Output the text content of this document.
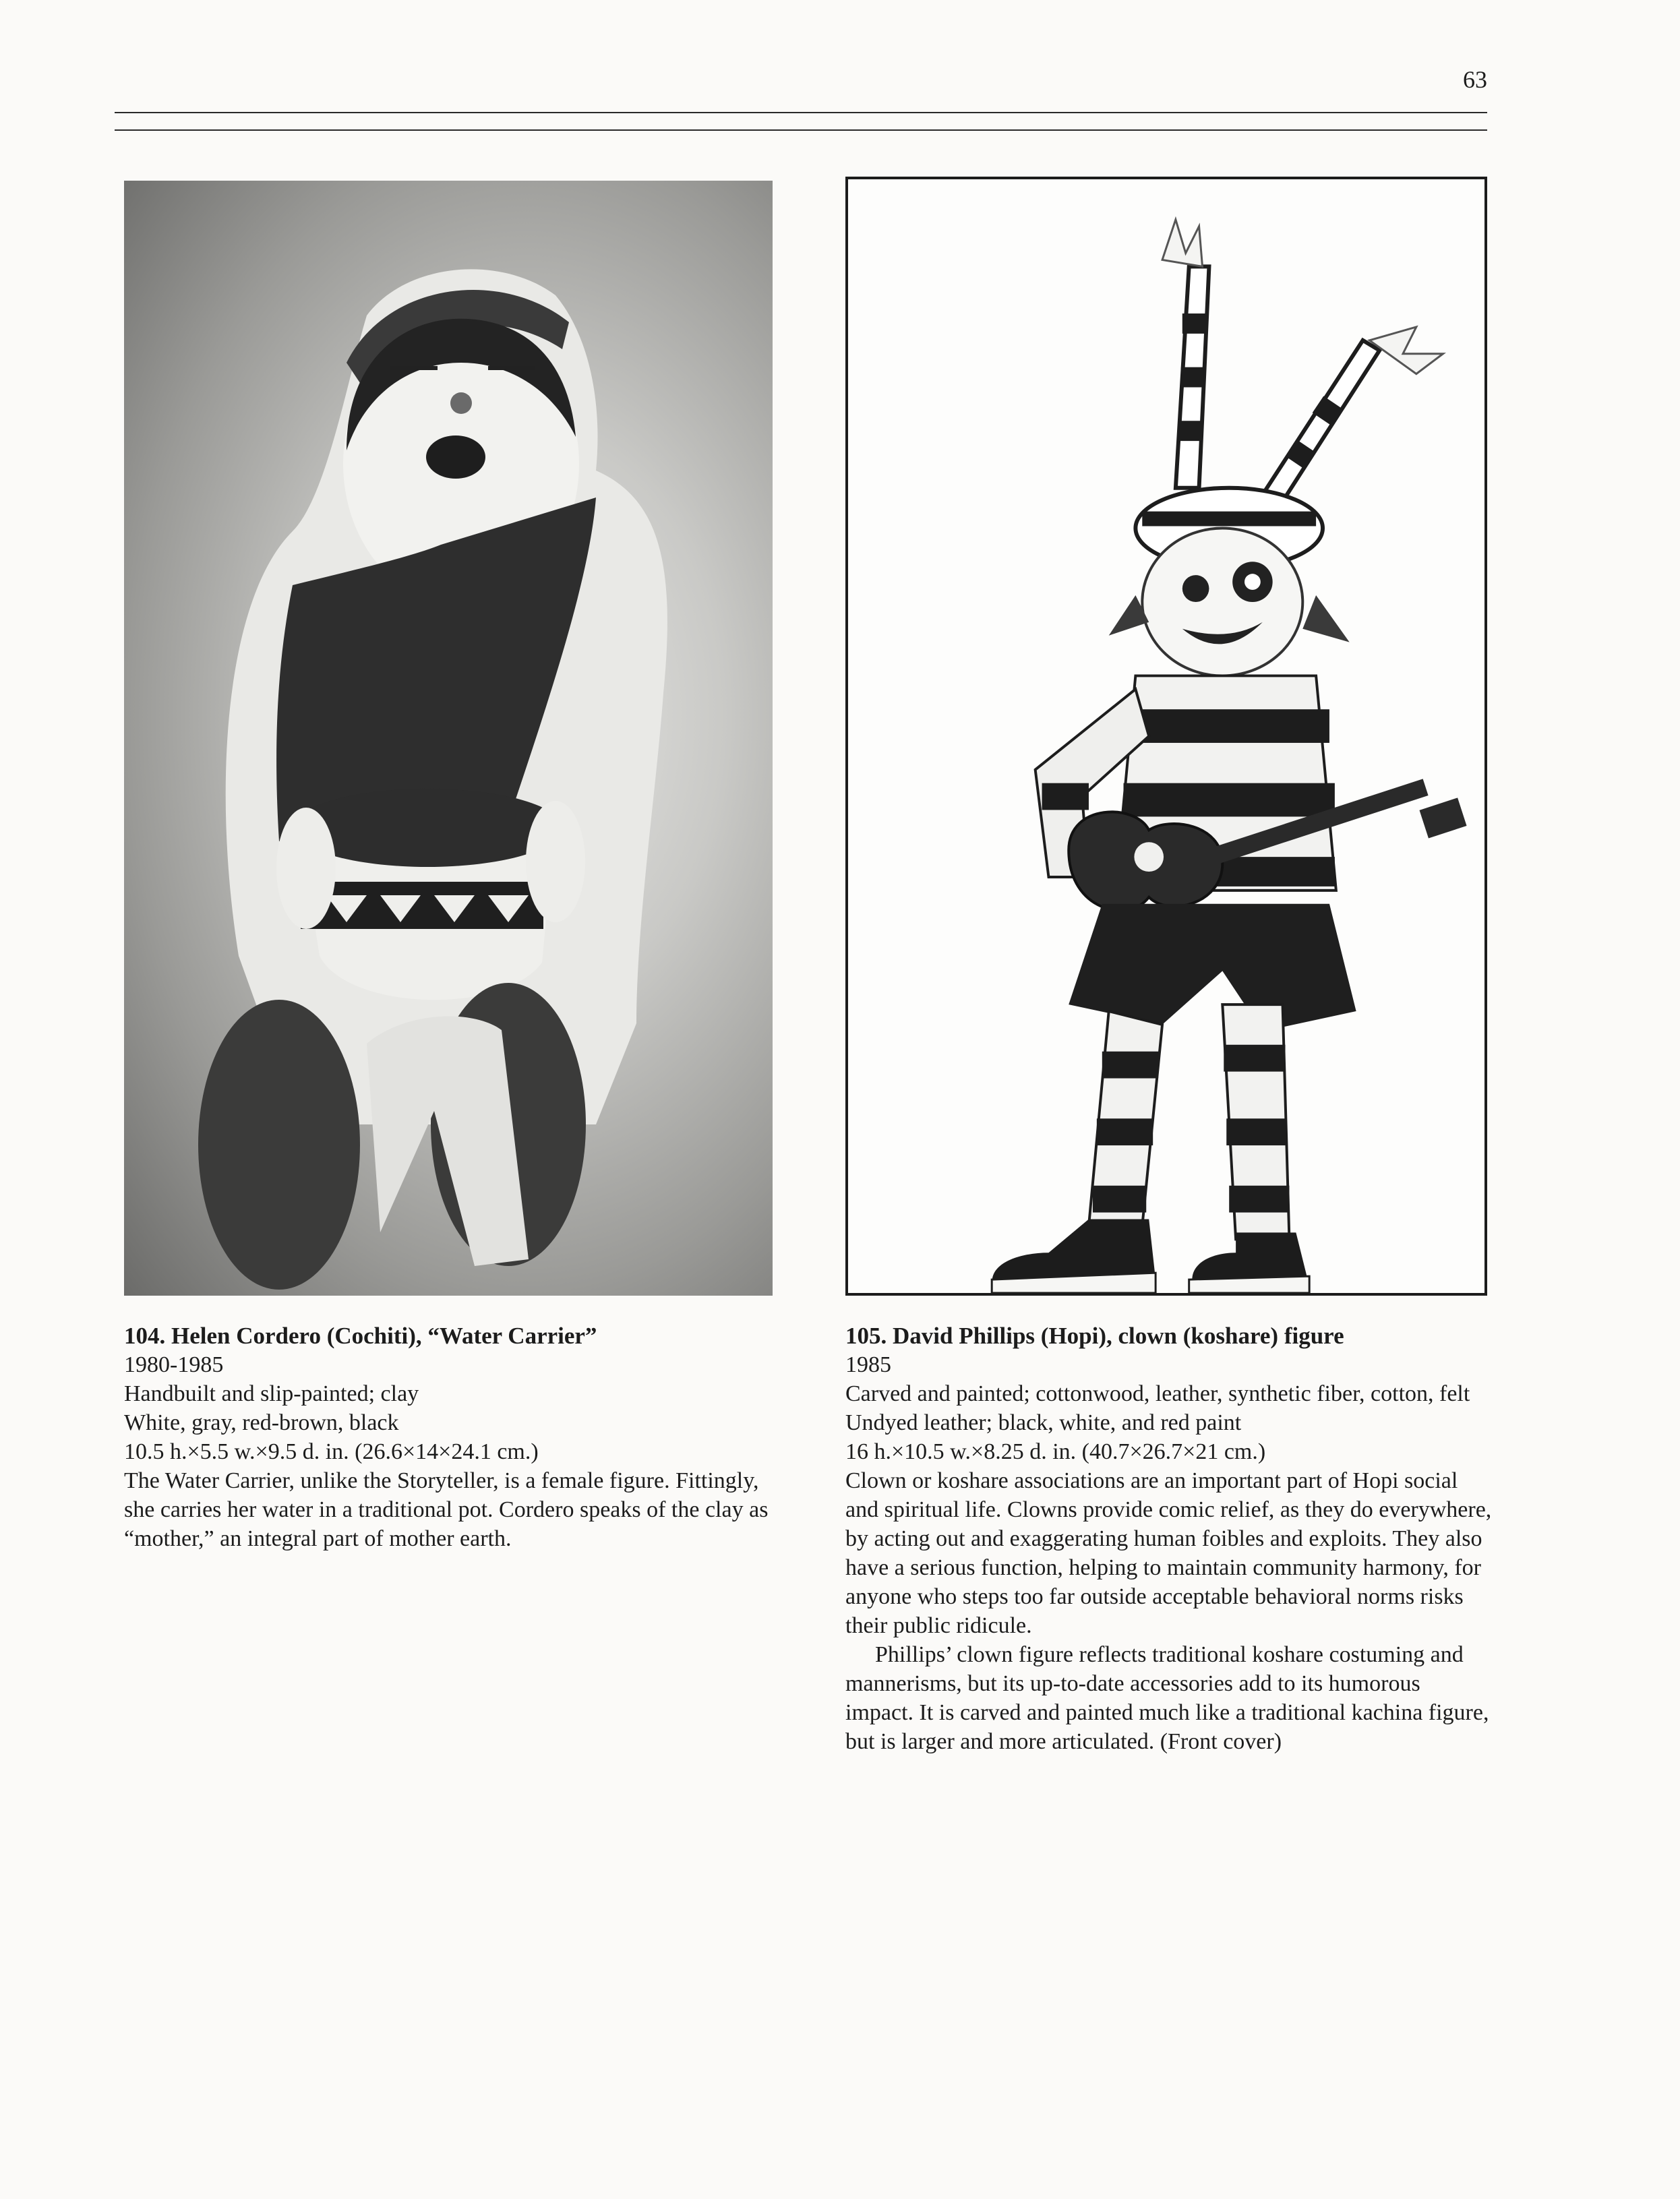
63

104. Helen Cordero (Cochiti), “Water Carrier”

1980-1985

Handbuilt and slip-painted; clay

White, gray, red-brown, black

10.5 h.×5.5 w.×9.5 d. in. (26.6×14×24.1 cm.)

The Water Carrier, unlike the Storyteller, is a female figure. Fittingly, she carries her water in a traditional pot. Cordero speaks of the clay as “mother,” an integral part of mother earth.

105. David Phillips (Hopi), clown (koshare) figure

1985

Carved and painted; cottonwood, leather, synthetic fiber, cotton, felt

Undyed leather; black, white, and red paint

16 h.×10.5 w.×8.25 d. in. (40.7×26.7×21 cm.)

Clown or koshare associations are an important part of Hopi social and spiritual life. Clowns provide comic relief, as they do everywhere, by acting out and exaggerating human foibles and exploits. They also have a serious function, helping to maintain community harmony, for anyone who steps too far outside acceptable behavioral norms risks their public ridicule.

Phillips’ clown figure reflects traditional koshare costuming and mannerisms, but its up-to-date accessories add to its humorous impact. It is carved and painted much like a traditional kachina figure, but is larger and more articulated. (Front cover)
